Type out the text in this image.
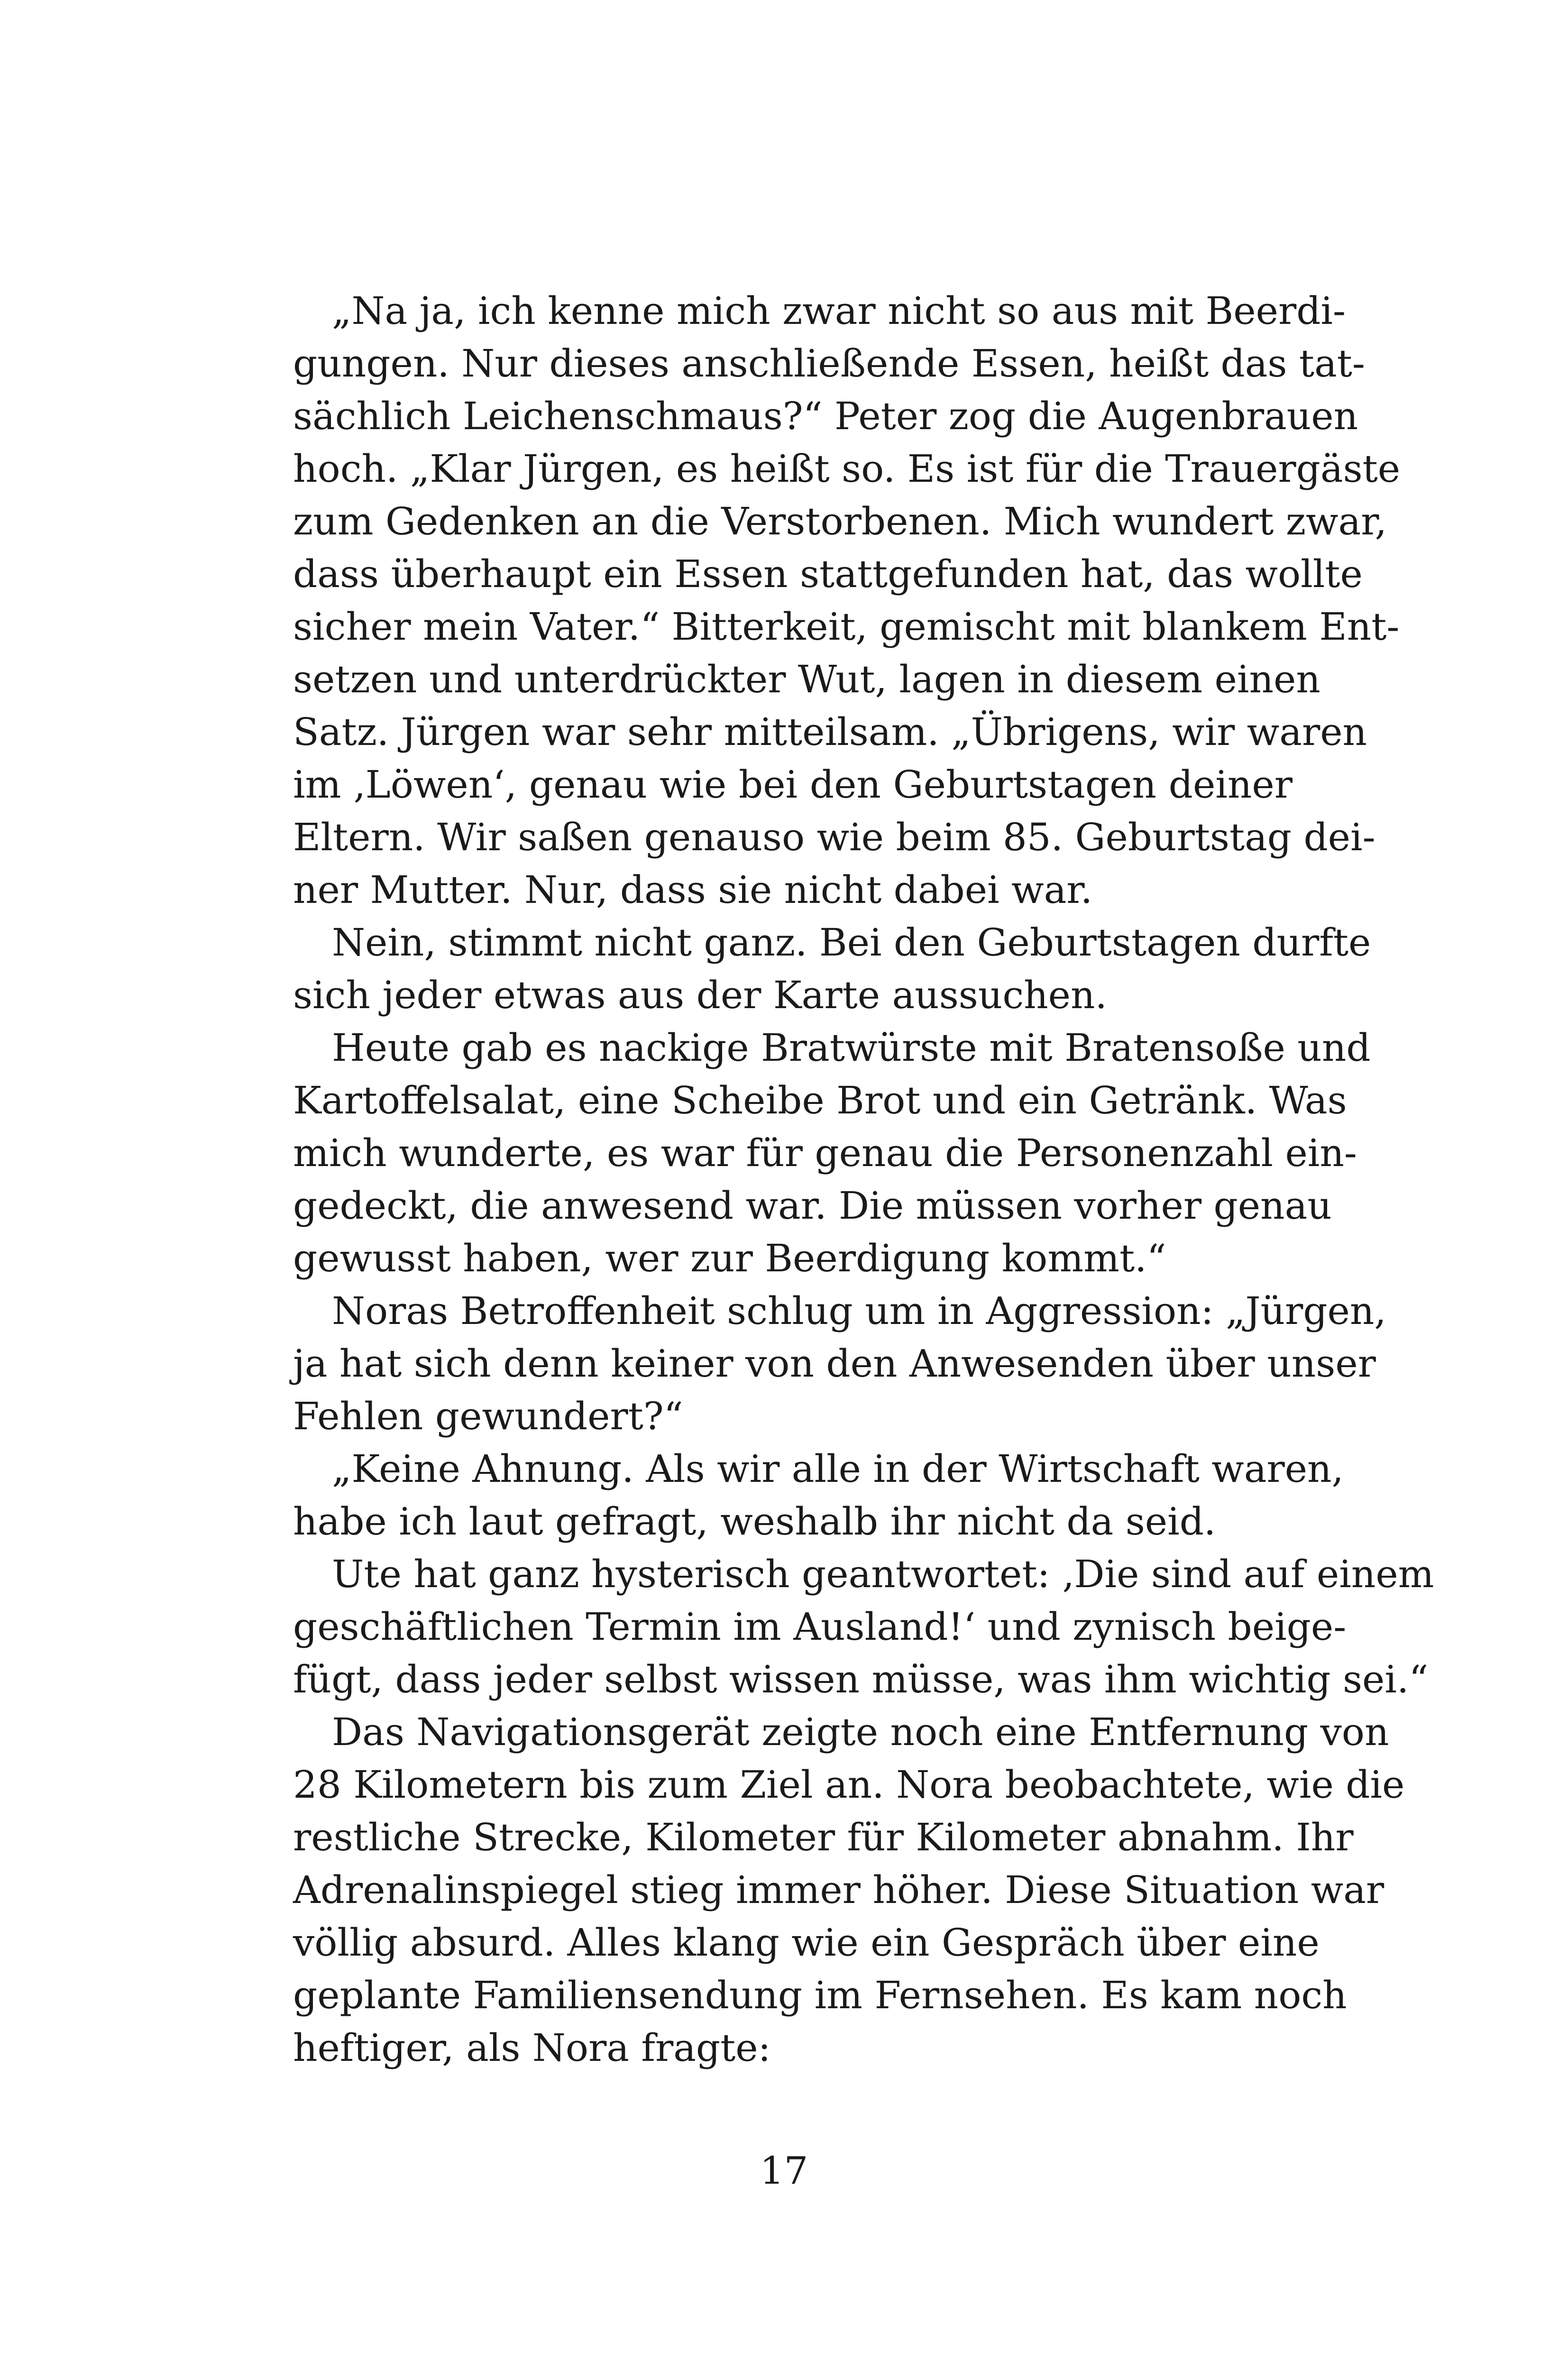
„Na ja, ich kenne mich zwar nicht so aus mit Beerdi-
gungen. Nur dieses anschließende Essen, heißt das tat-
sächlich Leichenschmaus?“ Peter zog die Augenbrauen
hoch. „Klar Jürgen, es heißt so. Es ist für die Trauergäste
zum Gedenken an die Verstorbenen. Mich wundert zwar,
dass überhaupt ein Essen stattgefunden hat, das wollte
sicher mein Vater.“ Bitterkeit, gemischt mit blankem Ent-
setzen und unterdrückter Wut, lagen in diesem einen
Satz. Jürgen war sehr mitteilsam. „Übrigens, wir waren
im ‚Löwen‘, genau wie bei den Geburtstagen deiner
Eltern. Wir saßen genauso wie beim 85. Geburtstag dei-
ner Mutter. Nur, dass sie nicht dabei war.
Nein, stimmt nicht ganz. Bei den Geburtstagen durfte
sich jeder etwas aus der Karte aussuchen.
Heute gab es nackige Bratwürste mit Bratensoße und
Kartoffelsalat, eine Scheibe Brot und ein Getränk. Was
mich wunderte, es war für genau die Personenzahl ein-
gedeckt, die anwesend war. Die müssen vorher genau
gewusst haben, wer zur Beerdigung kommt.“
Noras Betroffenheit schlug um in Aggression: „Jürgen,
ja hat sich denn keiner von den Anwesenden über unser
Fehlen gewundert?“
„Keine Ahnung. Als wir alle in der Wirtschaft waren,
habe ich laut gefragt, weshalb ihr nicht da seid.
Ute hat ganz hysterisch geantwortet: ‚Die sind auf einem
geschäftlichen Termin im Ausland!‘ und zynisch beige-
fügt, dass jeder selbst wissen müsse, was ihm wichtig sei.“
Das Navigationsgerät zeigte noch eine Entfernung von
28 Kilometern bis zum Ziel an. Nora beobachtete, wie die
restliche Strecke, Kilometer für Kilometer abnahm. Ihr
Adrenalinspiegel stieg immer höher. Diese Situation war
völlig absurd. Alles klang wie ein Gespräch über eine
geplante Familiensendung im Fernsehen. Es kam noch
heftiger, als Nora fragte:
17
